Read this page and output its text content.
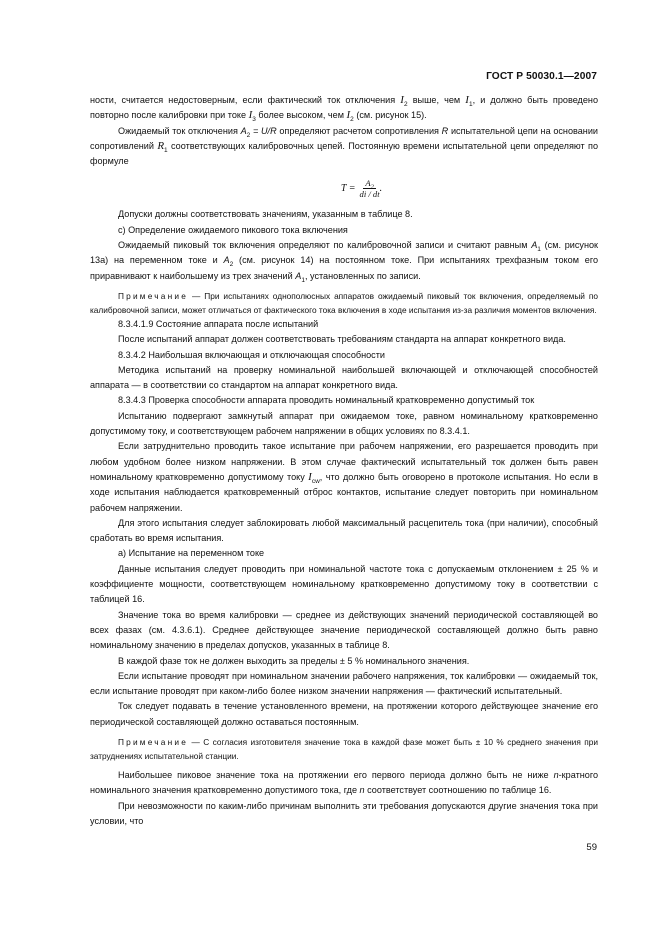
ГОСТ Р 50030.1—2007

ности, считается недостоверным, если фактический ток отключения $I_2$ выше, чем $I_1$, и должно быть проведено повторно после калибровки при токе $I_3$ более высоком, чем $I_2$ (см. рисунок 15).

Ожидаемый ток отключения $A_2 = U/R$ определяют расчетом сопротивления R испытательной цепи на основании сопротивлений $R_1$ соответствующих калибровочных цепей. Постоянную времени испытательной цепи определяют по формуле

$T = \frac{A_2}{di / dt}$ .

Допуски должны соответствовать значениям, указанным в таблице 8.

c) Определение ожидаемого пикового тока включения

Ожидаемый пиковый ток включения определяют по калибровочной записи и считают равным $A_1$ (см. рисунок 13а) на переменном токе и $A_2$ (см. рисунок 14) на постоянном токе. При испытаниях трехфазным током его приравнивают к наибольшему из трех значений $A_1$, установленных по записи.

Примечание — При испытаниях однополюсных аппаратов ожидаемый пиковый ток включения, определяемый по калибровочной записи, может отличаться от фактического тока включения в ходе испытания из-за различия моментов включения.

8.3.4.1.9 Состояние аппарата после испытаний

После испытаний аппарат должен соответствовать требованиям стандарта на аппарат конкретного вида.

8.3.4.2 Наибольшая включающая и отключающая способности

Методика испытаний на проверку номинальной наибольшей включающей и отключающей способностей аппарата — в соответствии со стандартом на аппарат конкретного вида.

8.3.4.3 Проверка способности аппарата проводить номинальный кратковременно допустимый ток

Испытанию подвергают замкнутый аппарат при ожидаемом токе, равном номинальному кратковременно допустимому току, и соответствующем рабочем напряжении в общих условиях по 8.3.4.1.

Если затруднительно проводить такое испытание при рабочем напряжении, его разрешается проводить при любом удобном более низком напряжении. В этом случае фактический испытательный ток должен быть равен номинальному кратковременно допустимому току $I_{cw}$, что должно быть оговорено в протоколе испытания. Но если в ходе испытания наблюдается кратковременный отброс контактов, испытание следует повторить при номинальном рабочем напряжении.

Для этого испытания следует заблокировать любой максимальный расцепитель тока (при наличии), способный сработать во время испытания.

а) Испытание на переменном токе

Данные испытания следует проводить при номинальной частоте тока с допускаемым отклонением ± 25 % и коэффициенте мощности, соответствующем номинальному кратковременно допустимому току в соответствии с таблицей 16.

Значение тока во время калибровки — среднее из действующих значений периодической составляющей во всех фазах (см. 4.3.6.1). Среднее действующее значение периодической составляющей должно быть равно номинальному значению в пределах допусков, указанных в таблице 8.

В каждой фазе ток не должен выходить за пределы ± 5 % номинального значения.

Если испытание проводят при номинальном значении рабочего напряжения, ток калибровки — ожидаемый ток, если испытание проводят при каком-либо более низком значении напряжения — фактический испытательный.

Ток следует подавать в течение установленного времени, на протяжении которого действующее значение его периодической составляющей должно оставаться постоянным.

Примечание — С согласия изготовителя значение тока в каждой фазе может быть ± 10 % среднего значения при затруднениях испытательной станции.

Наибольшее пиковое значение тока на протяжении его первого периода должно быть не ниже n-кратного номинального значения кратковременно допустимого тока, где n соответствует соотношению по таблице 16.

При невозможности по каким-либо причинам выполнить эти требования допускаются другие значения тока при условии, что

59
